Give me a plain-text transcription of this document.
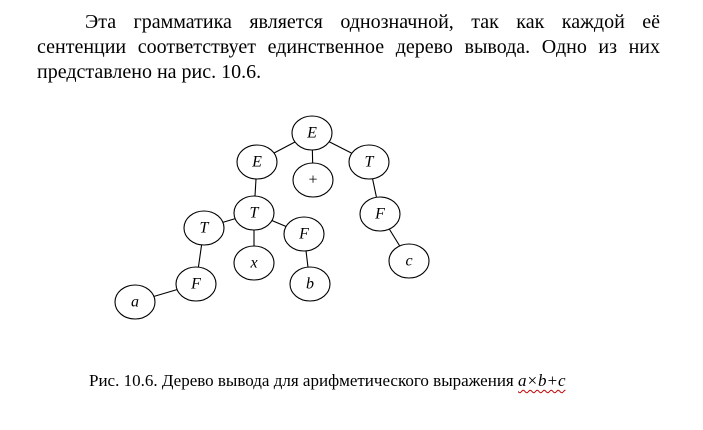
Эта грамматика является однозначной, так как каждой её сентенции соответствует единственное дерево вывода. Одно из них представлено на рис. 10.6.

E
E
+
T
T	F
T	F
x	c
F	b
a

Рис. 10.6. Дерево вывода для арифметического выражения a×b+c
